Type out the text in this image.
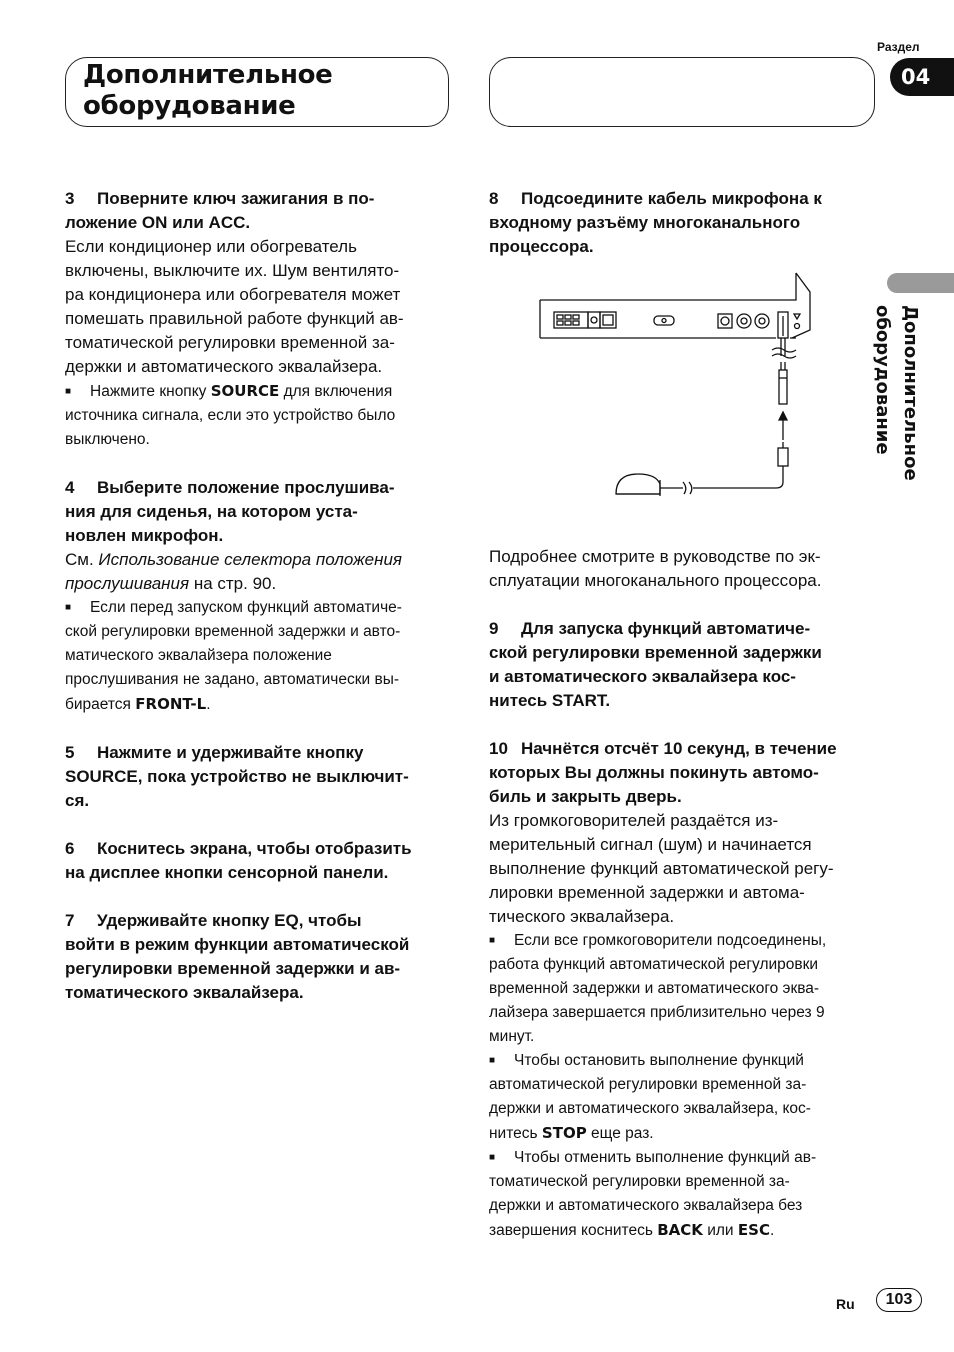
Дополнительное
оборудование
Раздел
04
Дополнительное оборудование

3 Поверните ключ зажигания в по-
ложение ON или ACC.

Если кондиционер или обогреватель

включены, выключите их. Шум вентилято-

ра кондиционера или обогревателя может

помешать правильной работе функций ав-

томатической регулировки временной за-

держки и автоматического эквалайзера.

■ Нажмите кнопку SOURCE для включения

источника сигнала, если это устройство было

выключено.

4 Выберите положение прослушива-
ния для сиденья, на котором уста-
новлен микрофон.

См. Использование селектора положения
прослушивания на стр. 90.

■ Если перед запуском функций автоматиче-

ской регулировки временной задержки и авто-

матического эквалайзера положение

прослушивания не задано, автоматически вы-

бирается FRONT-L.

5 Нажмите и удерживайте кнопку
SOURCE, пока устройство не выключит-
ся.

6 Коснитесь экрана, чтобы отобразить
на дисплее кнопки сенсорной панели.

7 Удерживайте кнопку EQ, чтобы
войти в режим функции автоматической
регулировки временной задержки и ав-
томатического эквалайзера.

8 Подсоедините кабель микрофона к
входному разъёму многоканального
процессора.

Подробнее смотрите в руководстве по эк-

сплуатации многоканального процессора.

9 Для запуска функций автоматиче-
ской регулировки временной задержки
и автоматического эквалайзера кос-
нитесь START.

10 Начнётся отсчёт 10 секунд, в течение
которых Вы должны покинуть автомо-
биль и закрыть дверь.

Из громкоговорителей раздаётся из-

мерительный сигнал (шум) и начинается

выполнение функций автоматической регу-

лировки временной задержки и автома-

тического эквалайзера.

■ Если все громкоговорители подсоединены,

работа функций автоматической регулировки

временной задержки и автоматического эква-

лайзера завершается приблизительно через 9

минут.

■ Чтобы остановить выполнение функций

автоматической регулировки временной за-

держки и автоматического эквалайзера, кос-

нитесь STOP еще раз.

■ Чтобы отменить выполнение функций ав-

томатической регулировки временной за-

держки и автоматического эквалайзера без

завершения коснитесь BACK или ESC.

Ru	103
